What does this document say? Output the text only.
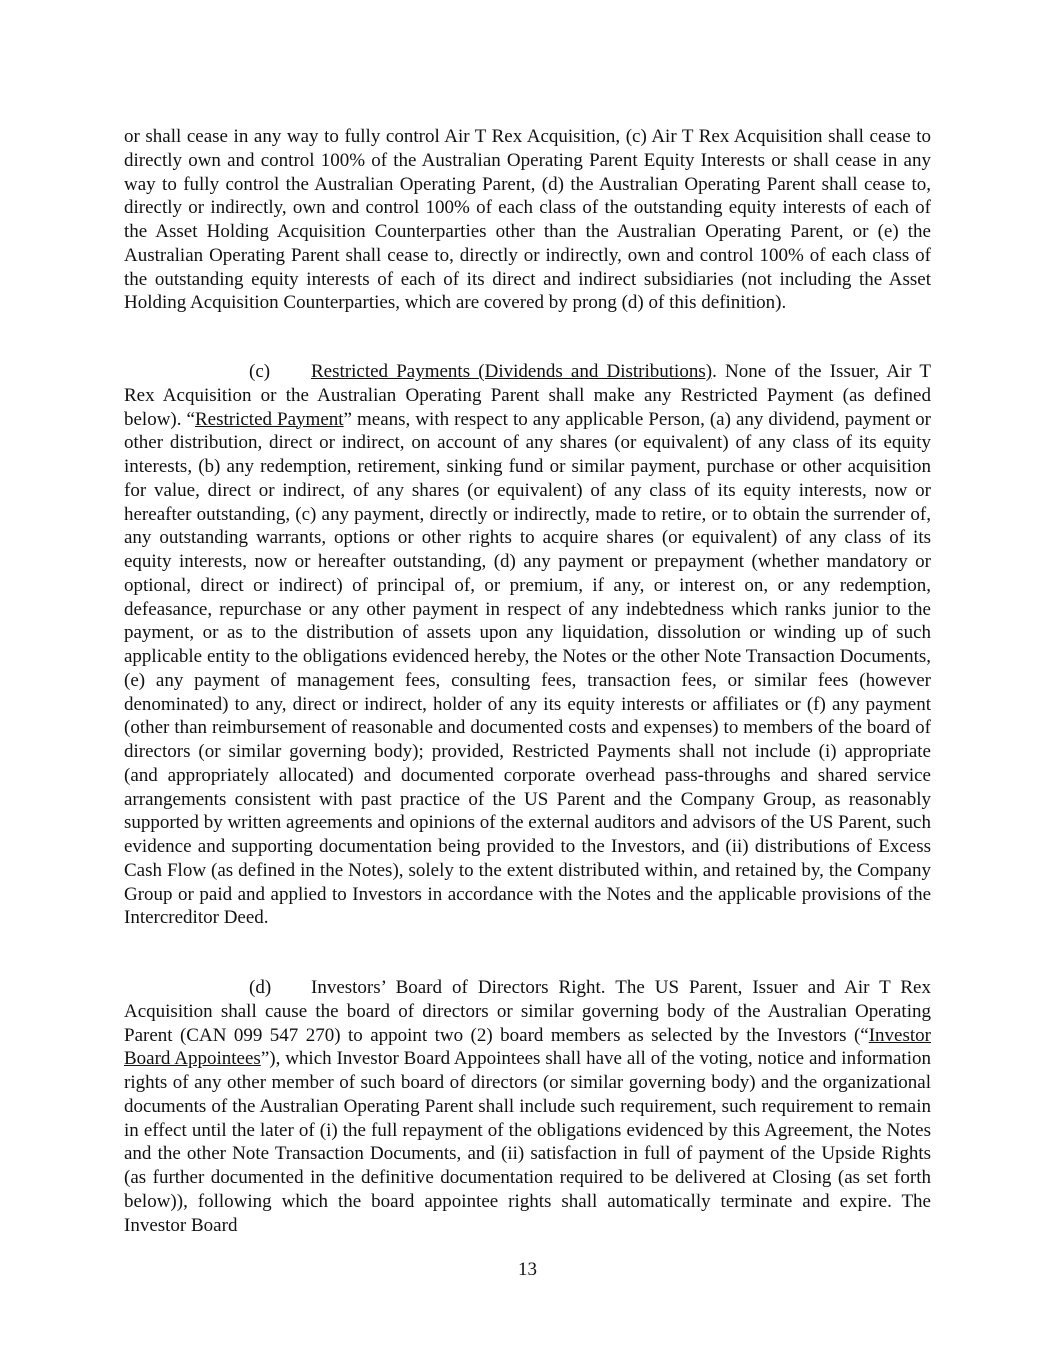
or shall cease in any way to fully control Air T Rex Acquisition, (c) Air T Rex Acquisition shall cease to directly own and control 100% of the Australian Operating Parent Equity Interests or shall cease in any way to fully control the Australian Operating Parent, (d) the Australian Operating Parent shall cease to, directly or indirectly, own and control 100% of each class of the outstanding equity interests of each of the Asset Holding Acquisition Counterparties other than the Australian Operating Parent, or (e) the Australian Operating Parent shall cease to, directly or indirectly, own and control 100% of each class of the outstanding equity interests of each of its direct and indirect subsidiaries (not including the Asset Holding Acquisition Counterparties, which are covered by prong (d) of this definition).

(c) Restricted Payments (Dividends and Distributions). None of the Issuer, Air T Rex Acquisition or the Australian Operating Parent shall make any Restricted Payment (as defined below). “Restricted Payment” means, with respect to any applicable Person, (a) any dividend, payment or other distribution, direct or indirect, on account of any shares (or equivalent) of any class of its equity interests, (b) any redemption, retirement, sinking fund or similar payment, purchase or other acquisition for value, direct or indirect, of any shares (or equivalent) of any class of its equity interests, now or hereafter outstanding, (c) any payment, directly or indirectly, made to retire, or to obtain the surrender of, any outstanding warrants, options or other rights to acquire shares (or equivalent) of any class of its equity interests, now or hereafter outstanding, (d) any payment or prepayment (whether mandatory or optional, direct or indirect) of principal of, or premium, if any, or interest on, or any redemption, defeasance, repurchase or any other payment in respect of any indebtedness which ranks junior to the payment, or as to the distribution of assets upon any liquidation, dissolution or winding up of such applicable entity to the obligations evidenced hereby, the Notes or the other Note Transaction Documents, (e) any payment of management fees, consulting fees, transaction fees, or similar fees (however denominated) to any, direct or indirect, holder of any its equity interests or affiliates or (f) any payment (other than reimbursement of reasonable and documented costs and expenses) to members of the board of directors (or similar governing body); provided, Restricted Payments shall not include (i) appropriate (and appropriately allocated) and documented corporate overhead pass-throughs and shared service arrangements consistent with past practice of the US Parent and the Company Group, as reasonably supported by written agreements and opinions of the external auditors and advisors of the US Parent, such evidence and supporting documentation being provided to the Investors, and (ii) distributions of Excess Cash Flow (as defined in the Notes), solely to the extent distributed within, and retained by, the Company Group or paid and applied to Investors in accordance with the Notes and the applicable provisions of the Intercreditor Deed.

(d) Investors’ Board of Directors Right. The US Parent, Issuer and Air T Rex Acquisition shall cause the board of directors or similar governing body of the Australian Operating Parent (CAN 099 547 270) to appoint two (2) board members as selected by the Investors (“Investor Board Appointees”), which Investor Board Appointees shall have all of the voting, notice and information rights of any other member of such board of directors (or similar governing body) and the organizational documents of the Australian Operating Parent shall include such requirement, such requirement to remain in effect until the later of (i) the full repayment of the obligations evidenced by this Agreement, the Notes and the other Note Transaction Documents, and (ii) satisfaction in full of payment of the Upside Rights (as further documented in the definitive documentation required to be delivered at Closing (as set forth below)), following which the board appointee rights shall automatically terminate and expire. The Investor Board

13
